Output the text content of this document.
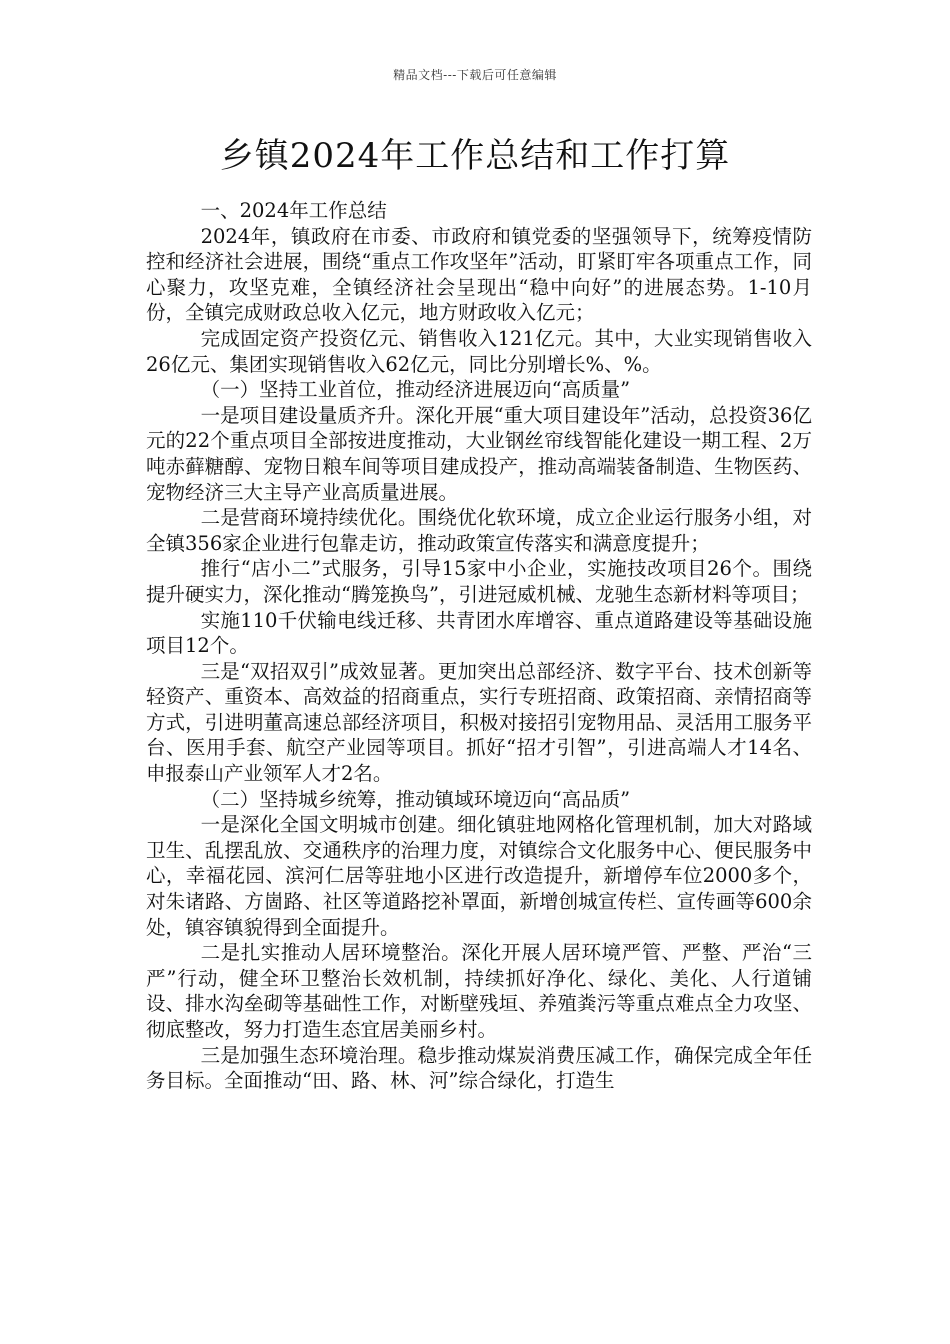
精品文档---下载后可任意编辑
乡镇2024年工作总结和工作打算

一、2024年工作总结

2024年，镇政府在市委、市政府和镇党委的坚强领导下，统筹疫情防控和经济社会进展，围绕“重点工作攻坚年”活动，盯紧盯牢各项重点工作，同心聚力，攻坚克难，全镇经济社会呈现出“稳中向好”的进展态势。1-10月份，全镇完成财政总收入亿元，地方财政收入亿元；

完成固定资产投资亿元、销售收入121亿元。其中，大业实现销售收入26亿元、集团实现销售收入62亿元，同比分别增长%、%。

（一）坚持工业首位，推动经济进展迈向“高质量”

一是项目建设量质齐升。深化开展“重大项目建设年”活动，总投资36亿元的22个重点项目全部按进度推动，大业钢丝帘线智能化建设一期工程、2万吨赤藓糖醇、宠物日粮车间等项目建成投产，推动高端装备制造、生物医药、宠物经济三大主导产业高质量进展。

二是营商环境持续优化。围绕优化软环境，成立企业运行服务小组，对全镇356家企业进行包靠走访，推动政策宣传落实和满意度提升；

推行“店小二”式服务，引导15家中小企业，实施技改项目26个。围绕提升硬实力，深化推动“腾笼换鸟”，引进冠威机械、龙驰生态新材料等项目；

实施110千伏输电线迁移、共青团水库增容、重点道路建设等基础设施项目12个。

三是“双招双引”成效显著。更加突出总部经济、数字平台、技术创新等轻资产、重资本、高效益的招商重点，实行专班招商、政策招商、亲情招商等方式，引进明董高速总部经济项目，积极对接招引宠物用品、灵活用工服务平台、医用手套、航空产业园等项目。抓好“招才引智”，引进高端人才14名、申报泰山产业领军人才2名。

（二）坚持城乡统筹，推动镇域环境迈向“高品质”

一是深化全国文明城市创建。细化镇驻地网格化管理机制，加大对路域卫生、乱摆乱放、交通秩序的治理力度，对镇综合文化服务中心、便民服务中心，幸福花园、滨河仁居等驻地小区进行改造提升，新增停车位2000多个，对朱诸路、方崮路、社区等道路挖补罩面，新增创城宣传栏、宣传画等600余处，镇容镇貌得到全面提升。

二是扎实推动人居环境整治。深化开展人居环境严管、严整、严治“三严”行动，健全环卫整治长效机制，持续抓好净化、绿化、美化、人行道铺设、排水沟垒砌等基础性工作，对断壁残垣、养殖粪污等重点难点全力攻坚、彻底整改，努力打造生态宜居美丽乡村。

三是加强生态环境治理。稳步推动煤炭消费压减工作，确保完成全年任务目标。全面推动“田、路、林、河”综合绿化，打造生
